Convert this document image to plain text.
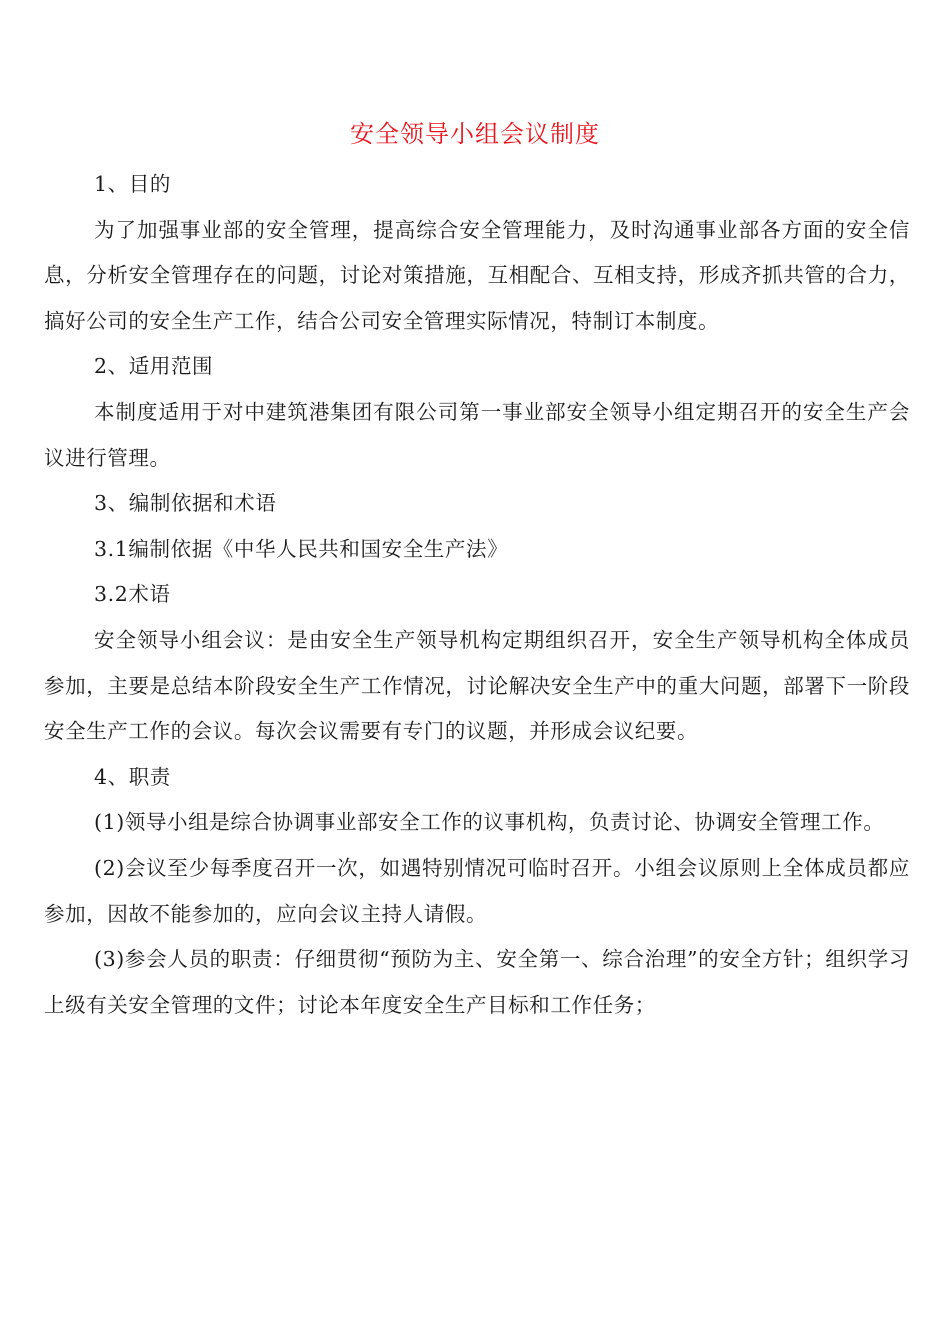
安全领导小组会议制度

1、目的

为了加强事业部的安全管理，提高综合安全管理能力，及时沟通事业部各方面的安全信息，分析安全管理存在的问题，讨论对策措施，互相配合、互相支持，形成齐抓共管的合力，搞好公司的安全生产工作，结合公司安全管理实际情况，特制订本制度。

2、适用范围

本制度适用于对中建筑港集团有限公司第一事业部安全领导小组定期召开的安全生产会议进行管理。

3、编制依据和术语

3.1编制依据《中华人民共和国安全生产法》

3.2术语

安全领导小组会议：是由安全生产领导机构定期组织召开，安全生产领导机构全体成员参加，主要是总结本阶段安全生产工作情况，讨论解决安全生产中的重大问题，部署下一阶段安全生产工作的会议。每次会议需要有专门的议题，并形成会议纪要。

4、职责

(1)领导小组是综合协调事业部安全工作的议事机构，负责讨论、协调安全管理工作。

(2)会议至少每季度召开一次，如遇特别情况可临时召开。小组会议原则上全体成员都应参加，因故不能参加的，应向会议主持人请假。

(3)参会人员的职责：仔细贯彻“预防为主、安全第一、综合治理”的安全方针；组织学习上级有关安全管理的文件；讨论本年度安全生产目标和工作任务；
